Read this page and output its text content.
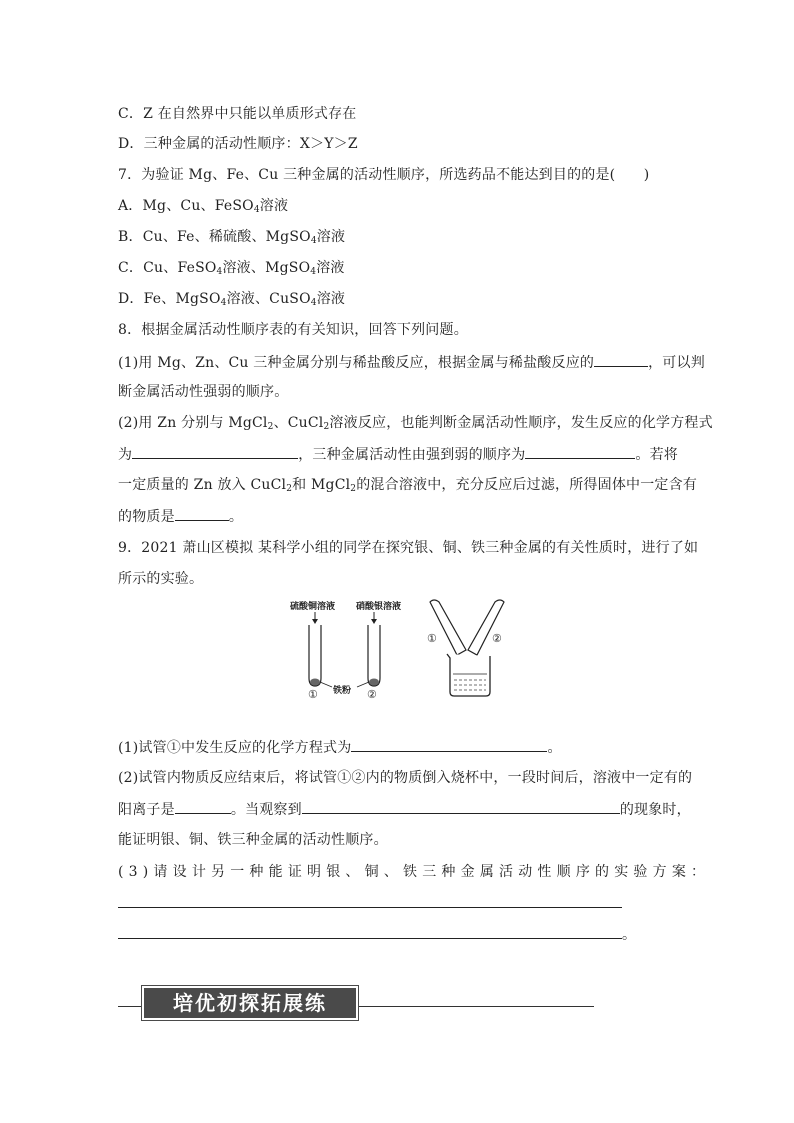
C．Z 在自然界中只能以单质形式存在
D．三种金属的活动性顺序：X＞Y＞Z
7．为验证 Mg、Fe、Cu 三种金属的活动性顺序，所选药品不能达到目的的是(　　)
A．Mg、Cu、FeSO$_4$溶液
B．Cu、Fe、稀硫酸、MgSO$_4$溶液
C．Cu、FeSO$_4$溶液、MgSO$_4$溶液
D．Fe、MgSO$_4$溶液、CuSO$_4$溶液
8．根据金属活动性顺序表的有关知识，回答下列问题。
(1)用 Mg、Zn、Cu 三种金属分别与稀盐酸反应，根据金属与稀盐酸反应的	，可以判
断金属活动性强弱的顺序。
(2)用 Zn 分别与 MgCl$_2$、CuCl$_2$溶液反应，也能判断金属活动性顺序，发生反应的化学方程式
为	，三种金属活动性由强到弱的顺序为	。若将
一定质量的 Zn 放入 CuCl$_2$和 MgCl$_2$的混合溶液中，充分反应后过滤，所得固体中一定含有
的物质是	。
9．2021 萧山区模拟 某科学小组的同学在探究银、铜、铁三种金属的有关性质时，进行了如
所示的实验。
硫酸铜溶液 硝酸银溶液
铁粉
①	②
①	②
(1)试管①中发生反应的化学方程式为	。
(2)试管内物质反应结束后，将试管①②内的物质倒入烧杯中，一段时间后，溶液中一定有的
阳离子是	。当观察到	的现象时，
能证明银、铜、铁三种金属的活动性顺序。
(3)请设计另一种能证明银、铜、铁三种金属活动性顺序的实验方案：
。
培优初探拓展练
